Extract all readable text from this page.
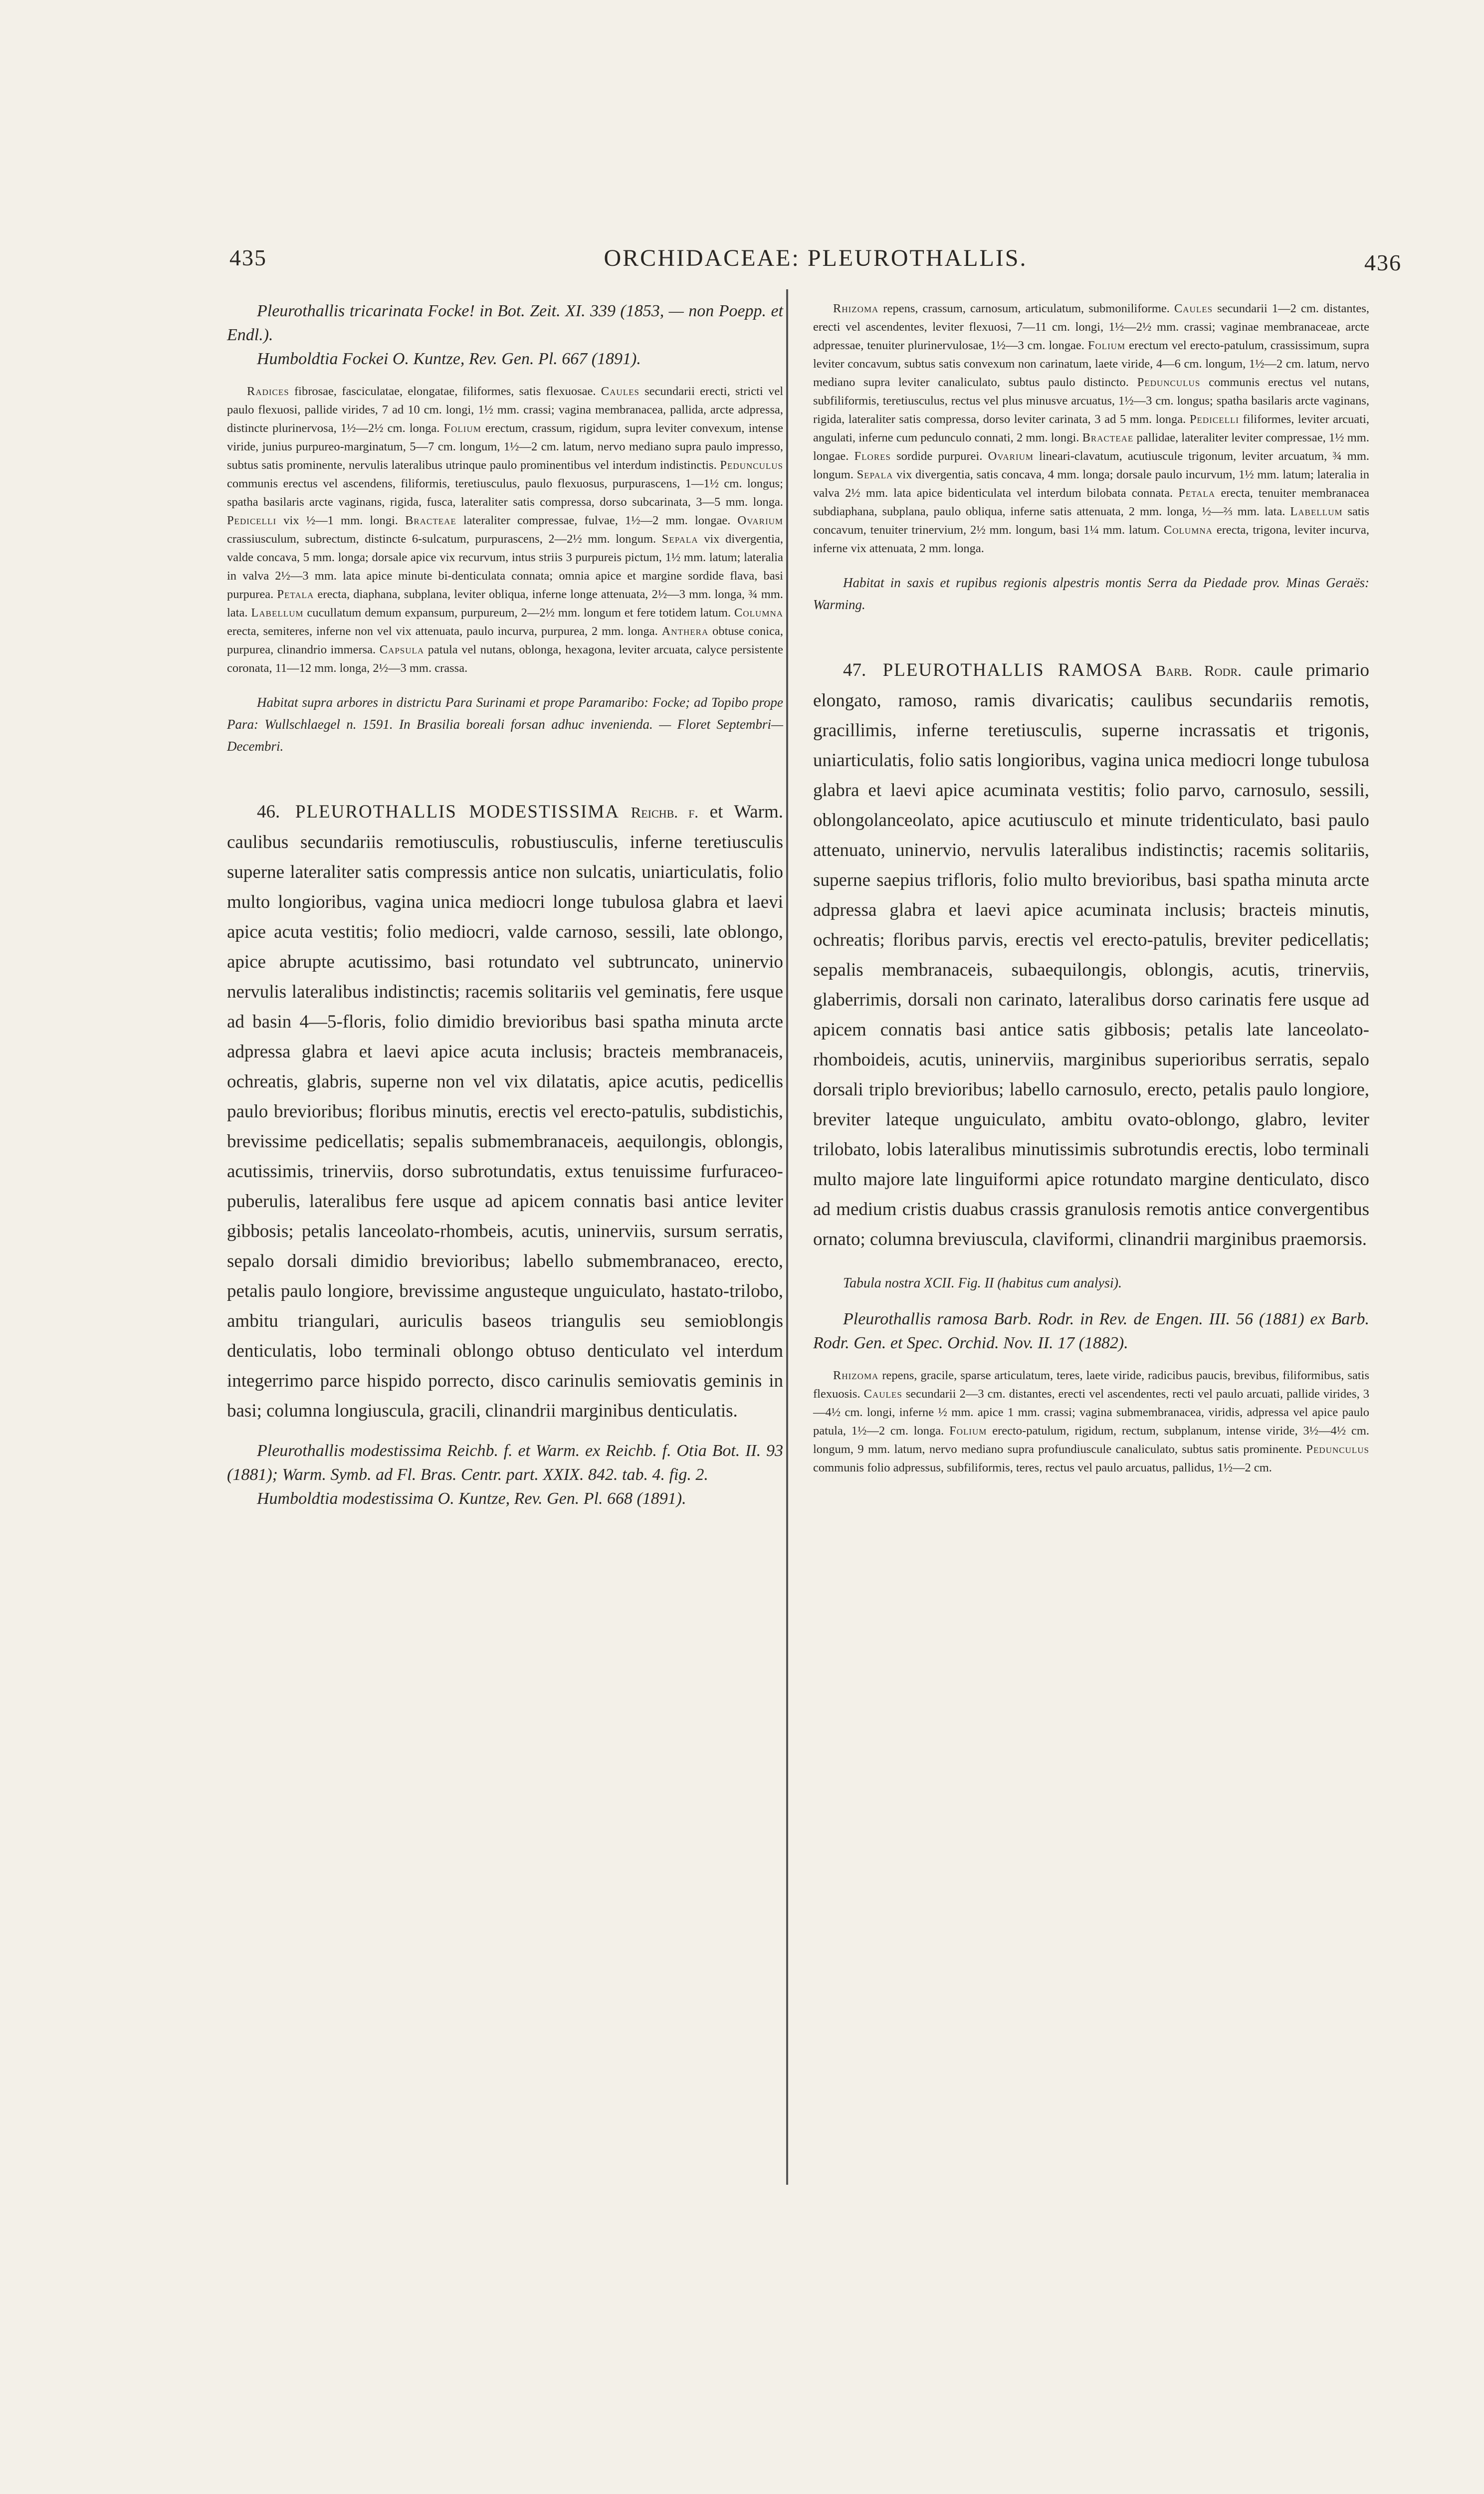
435	ORCHIDACEAE: PLEUROTHALLIS.	436

Pleurothallis tricarinata Focke! in Bot. Zeit. XI. 339 (1853, — non Poepp. et Endl.).

Humboldtia Fockei O. Kuntze, Rev. Gen. Pl. 667 (1891).

Radices fibrosae, fasciculatae, elongatae, filiformes, satis flexuosae. Caules secundarii erecti, stricti vel paulo flexuosi, pallide virides, 7 ad 10 cm. longi, 1½ mm. crassi; vagina membranacea, pallida, arcte adpressa, distincte plurinervosa, 1½—2½ cm. longa. Folium erectum, crassum, rigidum, supra leviter convexum, intense viride, junius purpureo-marginatum, 5—7 cm. longum, 1½—2 cm. latum, nervo mediano supra paulo impresso, subtus satis prominente, nervulis lateralibus utrinque paulo prominentibus vel interdum indistinctis. Pedunculus communis erectus vel ascendens, filiformis, teretiusculus, paulo flexuosus, purpurascens, 1—1½ cm. longus; spatha basilaris arcte vaginans, rigida, fusca, lateraliter satis compressa, dorso subcarinata, 3—5 mm. longa. Pedicelli vix ½—1 mm. longi. Bracteae lateraliter compressae, fulvae, 1½—2 mm. longae. Ovarium crassiusculum, subrectum, distincte 6-sulcatum, purpurascens, 2—2½ mm. longum. Sepala vix divergentia, valde concava, 5 mm. longa; dorsale apice vix recurvum, intus striis 3 purpureis pictum, 1½ mm. latum; lateralia in valva 2½—3 mm. lata apice minute bi-denticulata connata; omnia apice et margine sordide flava, basi purpurea. Petala erecta, diaphana, subplana, leviter obliqua, inferne longe attenuata, 2½—3 mm. longa, ¾ mm. lata. Labellum cucullatum demum expansum, purpureum, 2—2½ mm. longum et fere totidem latum. Columna erecta, semiteres, inferne non vel vix attenuata, paulo incurva, purpurea, 2 mm. longa. Anthera obtuse conica, purpurea, clinandrio immersa. Capsula patula vel nutans, oblonga, hexagona, leviter arcuata, calyce persistente coronata, 11—12 mm. longa, 2½—3 mm. crassa.

Habitat supra arbores in districtu Para Surinami et prope Paramaribo: Focke; ad Topibo prope Para: Wullschlaegel n. 1591. In Brasilia boreali forsan adhuc invenienda. — Floret Septembri—Decembri.

46. PLEUROTHALLIS MODESTISSIMA Reichb. f. et Warm. caulibus secundariis remotiusculis, robustiusculis, inferne teretiusculis superne lateraliter satis compressis antice non sulcatis, uniarticulatis, folio multo longioribus, vagina unica mediocri longe tubulosa glabra et laevi apice acuta vestitis; folio mediocri, valde carnoso, sessili, late oblongo, apice abrupte acutissimo, basi rotundato vel subtruncato, uninervio nervulis lateralibus indistinctis; racemis solitariis vel geminatis, fere usque ad basin 4—5-floris, folio dimidio brevioribus basi spatha minuta arcte adpressa glabra et laevi apice acuta inclusis; bracteis membranaceis, ochreatis, glabris, superne non vel vix dilatatis, apice acutis, pedicellis paulo brevioribus; floribus minutis, erectis vel erecto-patulis, subdistichis, brevissime pedicellatis; sepalis submembranaceis, aequilongis, oblongis, acutissimis, trinerviis, dorso subrotundatis, extus tenuissime furfuraceo-puberulis, lateralibus fere usque ad apicem connatis basi antice leviter gibbosis; petalis lanceolato-rhombeis, acutis, uninerviis, sursum serratis, sepalo dorsali dimidio brevioribus; labello submembranaceo, erecto, petalis paulo longiore, brevissime angusteque unguiculato, hastato-trilobo, ambitu triangulari, auriculis baseos triangulis seu semioblongis denticulatis, lobo terminali oblongo obtuso denticulato vel interdum integerrimo parce hispido porrecto, disco carinulis semiovatis geminis in basi; columna longiuscula, gracili, clinandrii marginibus denticulatis.

Pleurothallis modestissima Reichb. f. et Warm. ex Reichb. f. Otia Bot. II. 93 (1881); Warm. Symb. ad Fl. Bras. Centr. part. XXIX. 842. tab. 4. fig. 2.

Humboldtia modestissima O. Kuntze, Rev. Gen. Pl. 668 (1891).

Rhizoma repens, crassum, carnosum, articulatum, submoniliforme. Caules secundarii 1—2 cm. distantes, erecti vel ascendentes, leviter flexuosi, 7—11 cm. longi, 1½—2½ mm. crassi; vaginae membranaceae, arcte adpressae, tenuiter plurinervulosae, 1½—3 cm. longae. Folium erectum vel erecto-patulum, crassissimum, supra leviter concavum, subtus satis convexum non carinatum, laete viride, 4—6 cm. longum, 1½—2 cm. latum, nervo mediano supra leviter canaliculato, subtus paulo distincto. Pedunculus communis erectus vel nutans, subfiliformis, teretiusculus, rectus vel plus minusve arcuatus, 1½—3 cm. longus; spatha basilaris arcte vaginans, rigida, lateraliter satis compressa, dorso leviter carinata, 3 ad 5 mm. longa. Pedicelli filiformes, leviter arcuati, angulati, inferne cum pedunculo connati, 2 mm. longi. Bracteae pallidae, lateraliter leviter compressae, 1½ mm. longae. Flores sordide purpurei. Ovarium lineari-clavatum, acutiuscule trigonum, leviter arcuatum, ¾ mm. longum. Sepala vix divergentia, satis concava, 4 mm. longa; dorsale paulo incurvum, 1½ mm. latum; lateralia in valva 2½ mm. lata apice bidenticulata vel interdum bilobata connata. Petala erecta, tenuiter membranacea subdiaphana, subplana, paulo obliqua, inferne satis attenuata, 2 mm. longa, ½—⅔ mm. lata. Labellum satis concavum, tenuiter trinervium, 2½ mm. longum, basi 1¼ mm. latum. Columna erecta, trigona, leviter incurva, inferne vix attenuata, 2 mm. longa.

Habitat in saxis et rupibus regionis alpestris montis Serra da Piedade prov. Minas Geraës: Warming.

47. PLEUROTHALLIS RAMOSA Barb. Rodr. caule primario elongato, ramoso, ramis divaricatis; caulibus secundariis remotis, gracillimis, inferne teretiusculis, superne incrassatis et trigonis, uniarticulatis, folio satis longioribus, vagina unica mediocri longe tubulosa glabra et laevi apice acuminata vestitis; folio parvo, carnosulo, sessili, oblongolanceolato, apice acutiusculo et minute tridenticulato, basi paulo attenuato, uninervio, nervulis lateralibus indistinctis; racemis solitariis, superne saepius trifloris, folio multo brevioribus, basi spatha minuta arcte adpressa glabra et laevi apice acuminata inclusis; bracteis minutis, ochreatis; floribus parvis, erectis vel erecto-patulis, breviter pedicellatis; sepalis membranaceis, subaequilongis, oblongis, acutis, trinerviis, glaberrimis, dorsali non carinato, lateralibus dorso carinatis fere usque ad apicem connatis basi antice satis gibbosis; petalis late lanceolato-rhomboideis, acutis, uninerviis, marginibus superioribus serratis, sepalo dorsali triplo brevioribus; labello carnosulo, erecto, petalis paulo longiore, breviter lateque unguiculato, ambitu ovato-oblongo, glabro, leviter trilobato, lobis lateralibus minutissimis subrotundis erectis, lobo terminali multo majore late linguiformi apice rotundato margine denticulato, disco ad medium cristis duabus crassis granulosis remotis antice convergentibus ornato; columna breviuscula, claviformi, clinandrii marginibus praemorsis.

Tabula nostra XCII. Fig. II (habitus cum analysi).

Pleurothallis ramosa Barb. Rodr. in Rev. de Engen. III. 56 (1881) ex Barb. Rodr. Gen. et Spec. Orchid. Nov. II. 17 (1882).

Rhizoma repens, gracile, sparse articulatum, teres, laete viride, radicibus paucis, brevibus, filiformibus, satis flexuosis. Caules secundarii 2—3 cm. distantes, erecti vel ascendentes, recti vel paulo arcuati, pallide virides, 3—4½ cm. longi, inferne ½ mm. apice 1 mm. crassi; vagina submembranacea, viridis, adpressa vel apice paulo patula, 1½—2 cm. longa. Folium erecto-patulum, rigidum, rectum, subplanum, intense viride, 3½—4½ cm. longum, 9 mm. latum, nervo mediano supra profundiuscule canaliculato, subtus satis prominente. Pedunculus communis folio adpressus, subfiliformis, teres, rectus vel paulo arcuatus, pallidus, 1½—2 cm.
